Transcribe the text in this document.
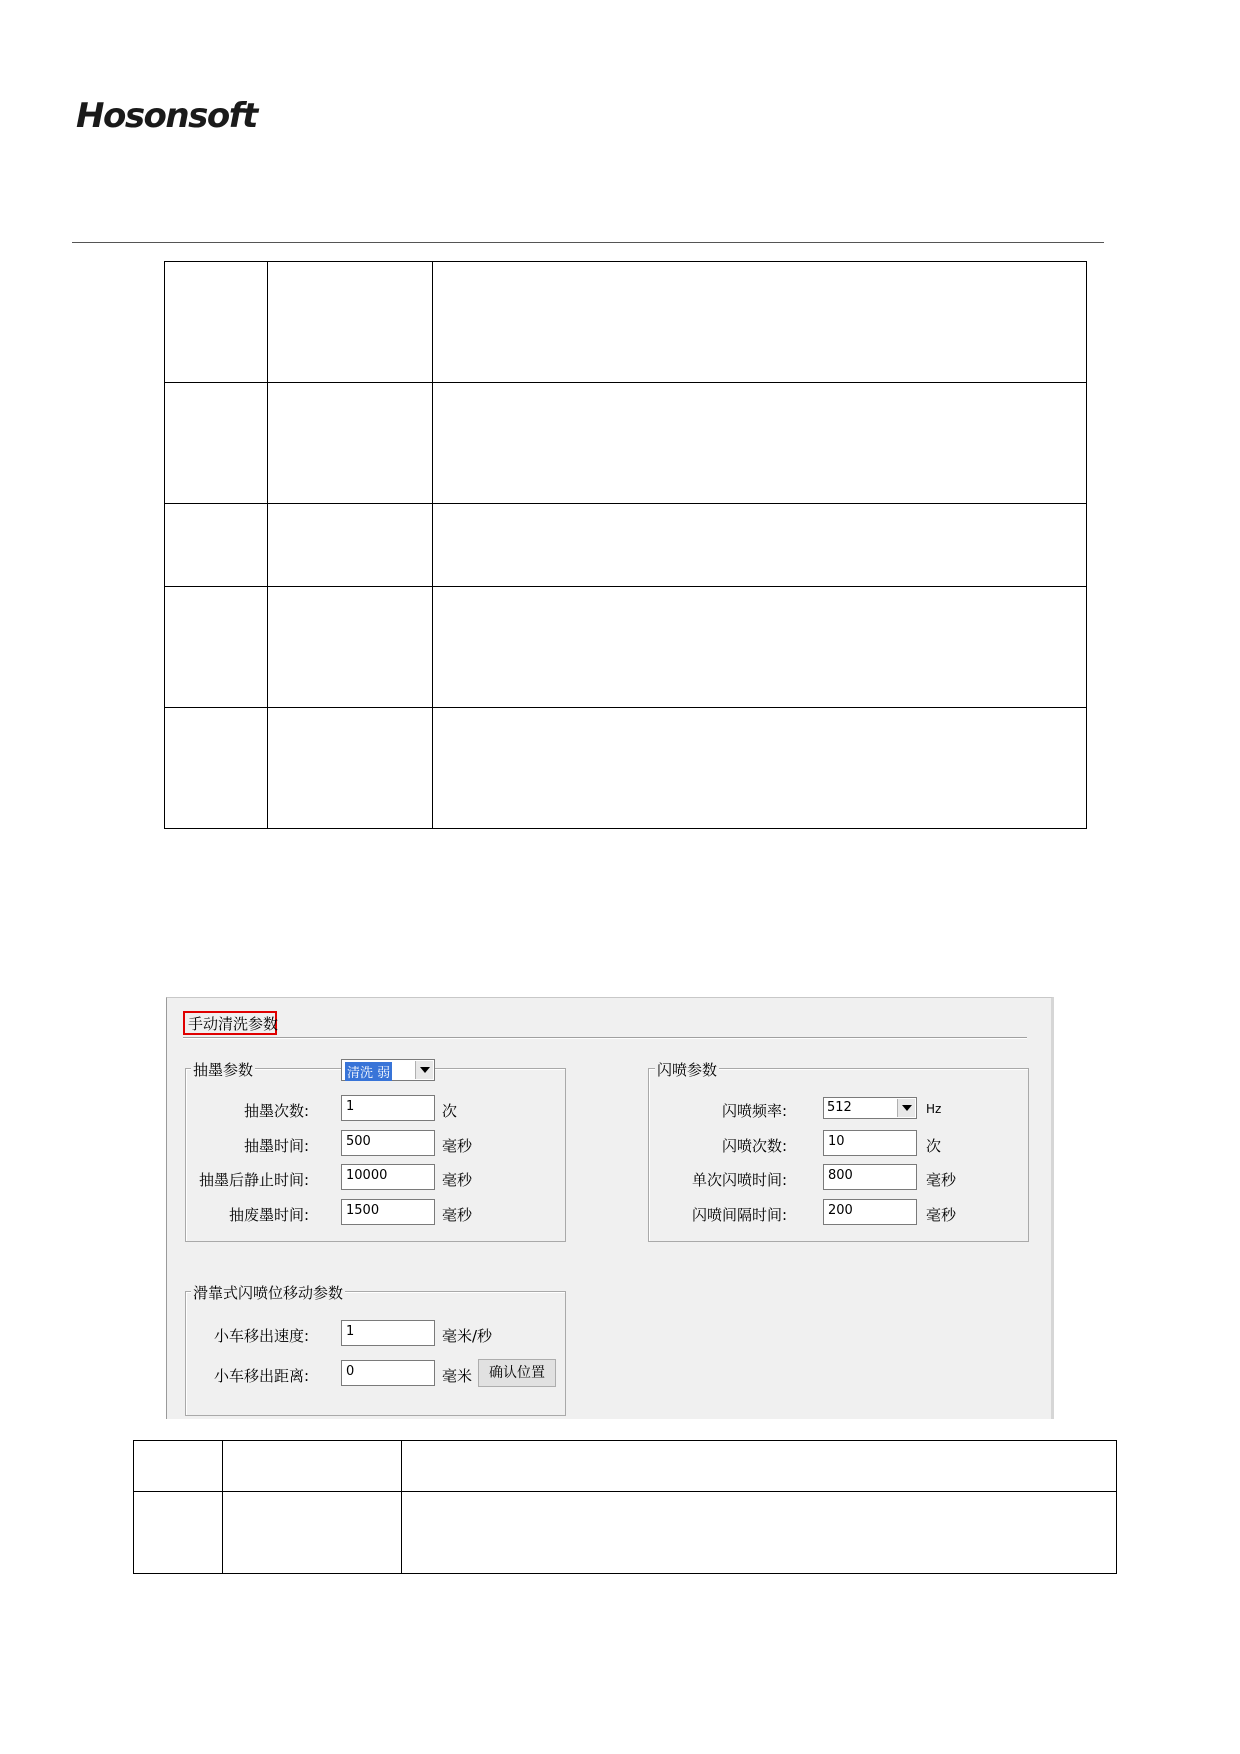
Hosonsoft

手动清洗参数
抽墨参数	清洗 弱
抽墨次数:	1	次
抽墨时间:	500	毫秒
抽墨后静止时间:	10000	毫秒
抽废墨时间:	1500	毫秒
闪喷参数
闪喷频率:	512	Hz
闪喷次数:	10	次
单次闪喷时间:	800	毫秒
闪喷间隔时间:	200	毫秒
滑靠式闪喷位移动参数
小车移出速度:	1	毫米/秒
小车移出距离:	0	毫米	确认位置
